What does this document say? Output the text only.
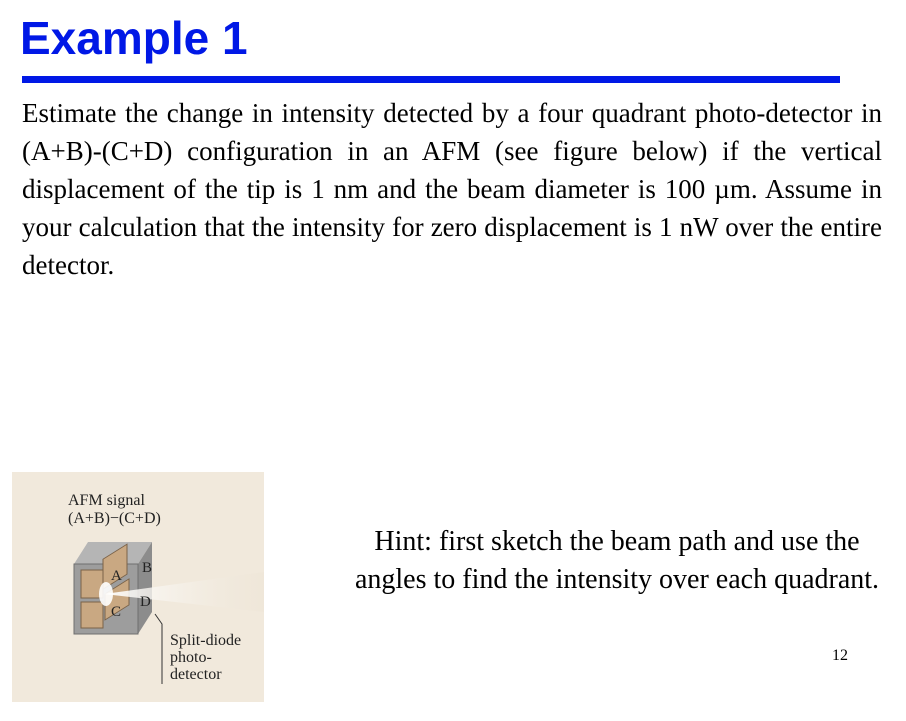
Example 1

Estimate the change in intensity detected by a four quadrant photo-detector in (A+B)-(C+D) configuration in an AFM (see figure below) if the vertical displacement of the tip is 1 nm and the beam diameter is 100 µm. Assume in your calculation that the intensity for zero displacement is 1 nW over the entire detector.

AFM signal
(A+B)−(C+D)
A B
C
D
Split-diode
photo-
detector

Hint: first sketch the beam path and use the angles to find the intensity over each quadrant.

12
